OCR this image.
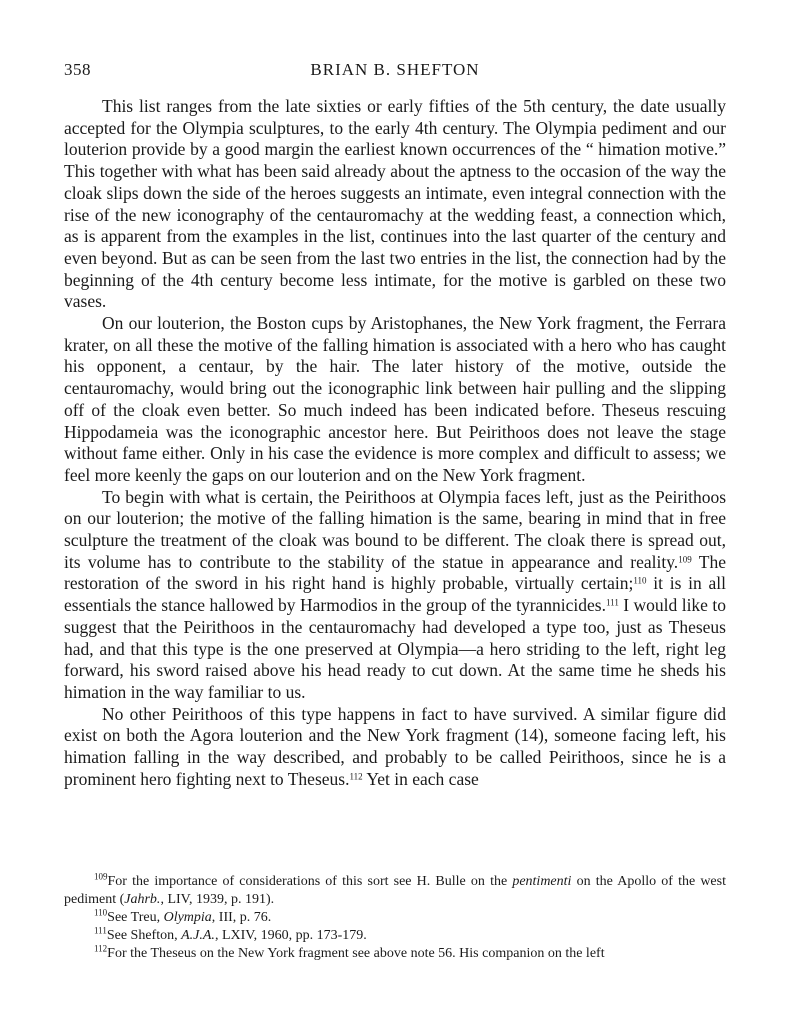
358	BRIAN B. SHEFTON

This list ranges from the late sixties or early fifties of the 5th century, the date usually accepted for the Olympia sculptures, to the early 4th century. The Olympia pediment and our louterion provide by a good margin the earliest known occurrences of the “ himation motive.” This together with what has been said already about the aptness to the occasion of the way the cloak slips down the side of the heroes suggests an intimate, even integral connection with the rise of the new iconography of the centauromachy at the wedding feast, a connection which, as is apparent from the examples in the list, continues into the last quarter of the century and even beyond. But as can be seen from the last two entries in the list, the connection had by the beginning of the 4th century become less intimate, for the motive is garbled on these two vases.

On our louterion, the Boston cups by Aristophanes, the New York fragment, the Ferrara krater, on all these the motive of the falling himation is associated with a hero who has caught his opponent, a centaur, by the hair. The later history of the motive, outside the centauromachy, would bring out the iconographic link between hair pulling and the slipping off of the cloak even better. So much indeed has been indicated before. Theseus rescuing Hippodameia was the iconographic ancestor here. But Peirithoos does not leave the stage without fame either. Only in his case the evidence is more complex and difficult to assess; we feel more keenly the gaps on our louterion and on the New York fragment.

To begin with what is certain, the Peirithoos at Olympia faces left, just as the Peirithoos on our louterion; the motive of the falling himation is the same, bearing in mind that in free sculpture the treatment of the cloak was bound to be different. The cloak there is spread out, its volume has to contribute to the stability of the statue in appearance and reality.$^{109}$ The restoration of the sword in his right hand is highly probable, virtually certain;$^{110}$ it is in all essentials the stance hallowed by Harmodios in the group of the tyrannicides.$^{111}$ I would like to suggest that the Peirithoos in the centauromachy had developed a type too, just as Theseus had, and that this type is the one preserved at Olympia—a hero striding to the left, right leg forward, his sword raised above his head ready to cut down. At the same time he sheds his himation in the way familiar to us.

No other Peirithoos of this type happens in fact to have survived. A similar figure did exist on both the Agora louterion and the New York fragment (14), someone facing left, his himation falling in the way described, and probably to be called Peirithoos, since he is a prominent hero fighting next to Theseus.$^{112}$ Yet in each case

$^{109}$For the importance of considerations of this sort see H. Bulle on the pentimenti on the Apollo of the west pediment (Jahrb., LIV, 1939, p. 191).

$^{110}$See Treu, Olympia, III, p. 76.

$^{111}$See Shefton, A.J.A., LXIV, 1960, pp. 173-179.

$^{112}$For the Theseus on the New York fragment see above note 56. His companion on the left
